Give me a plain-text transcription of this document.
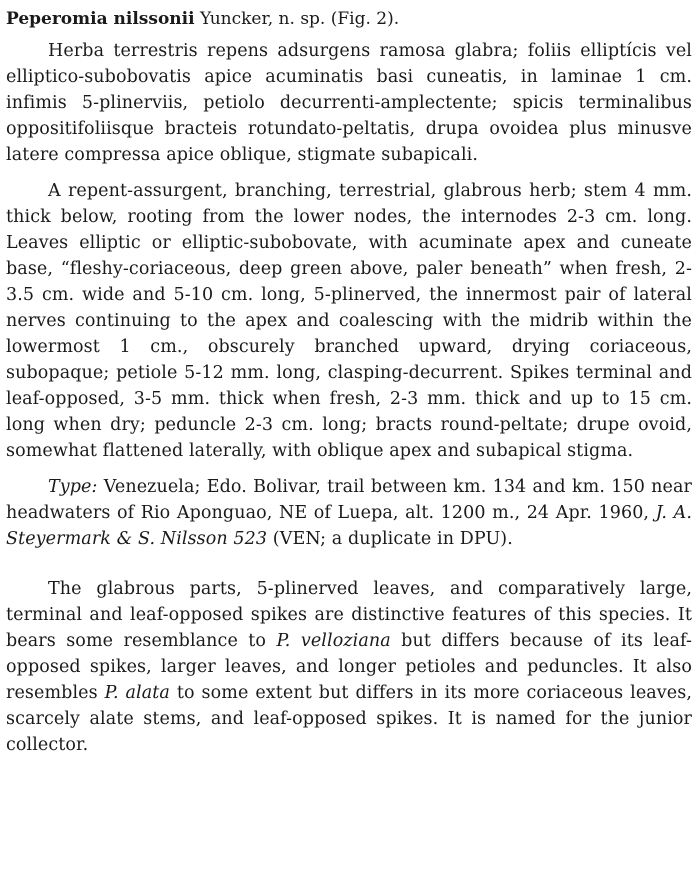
Peperomia nilssonii Yuncker, n. sp. (Fig. 2).

Herba terrestris repens adsurgens ramosa glabra; foliis elliptícis vel elliptico-subobovatis apice acuminatis basi cuneatis, in laminae 1 cm. infimis 5-plinerviis, petiolo decurrenti-amplectente; spicis terminalibus oppositifoliisque bracteis rotundato-peltatis, drupa ovoidea plus minusve latere compressa apice oblique, stigmate subapicali.

A repent-assurgent, branching, terrestrial, glabrous herb; stem 4 mm. thick below, rooting from the lower nodes, the internodes 2-3 cm. long. Leaves elliptic or elliptic-subobovate, with acuminate apex and cuneate base, “fleshy-coriaceous, deep green above, paler beneath” when fresh, 2-3.5 cm. wide and 5-10 cm. long, 5-plinerved, the innermost pair of lateral nerves continuing to the apex and coalescing with the midrib within the lowermost 1 cm., obscurely branched upward, drying coriaceous, subopaque; petiole 5-12 mm. long, clasping-decurrent. Spikes terminal and leaf-opposed, 3-5 mm. thick when fresh, 2-3 mm. thick and up to 15 cm. long when dry; peduncle 2-3 cm. long; bracts round-peltate; drupe ovoid, somewhat flattened laterally, with oblique apex and subapical stigma.

Type: Venezuela; Edo. Bolivar, trail between km. 134 and km. 150 near headwaters of Rio Aponguao, NE of Luepa, alt. 1200 m., 24 Apr. 1960, J. A. Steyermark & S. Nilsson 523 (VEN; a duplicate in DPU).

The glabrous parts, 5-plinerved leaves, and comparatively large, terminal and leaf-opposed spikes are distinctive features of this species. It bears some resemblance to P. velloziana but differs because of its leaf-opposed spikes, larger leaves, and longer petioles and peduncles. It also resembles P. alata to some extent but differs in its more coriaceous leaves, scarcely alate stems, and leaf-opposed spikes. It is named for the junior collector.
